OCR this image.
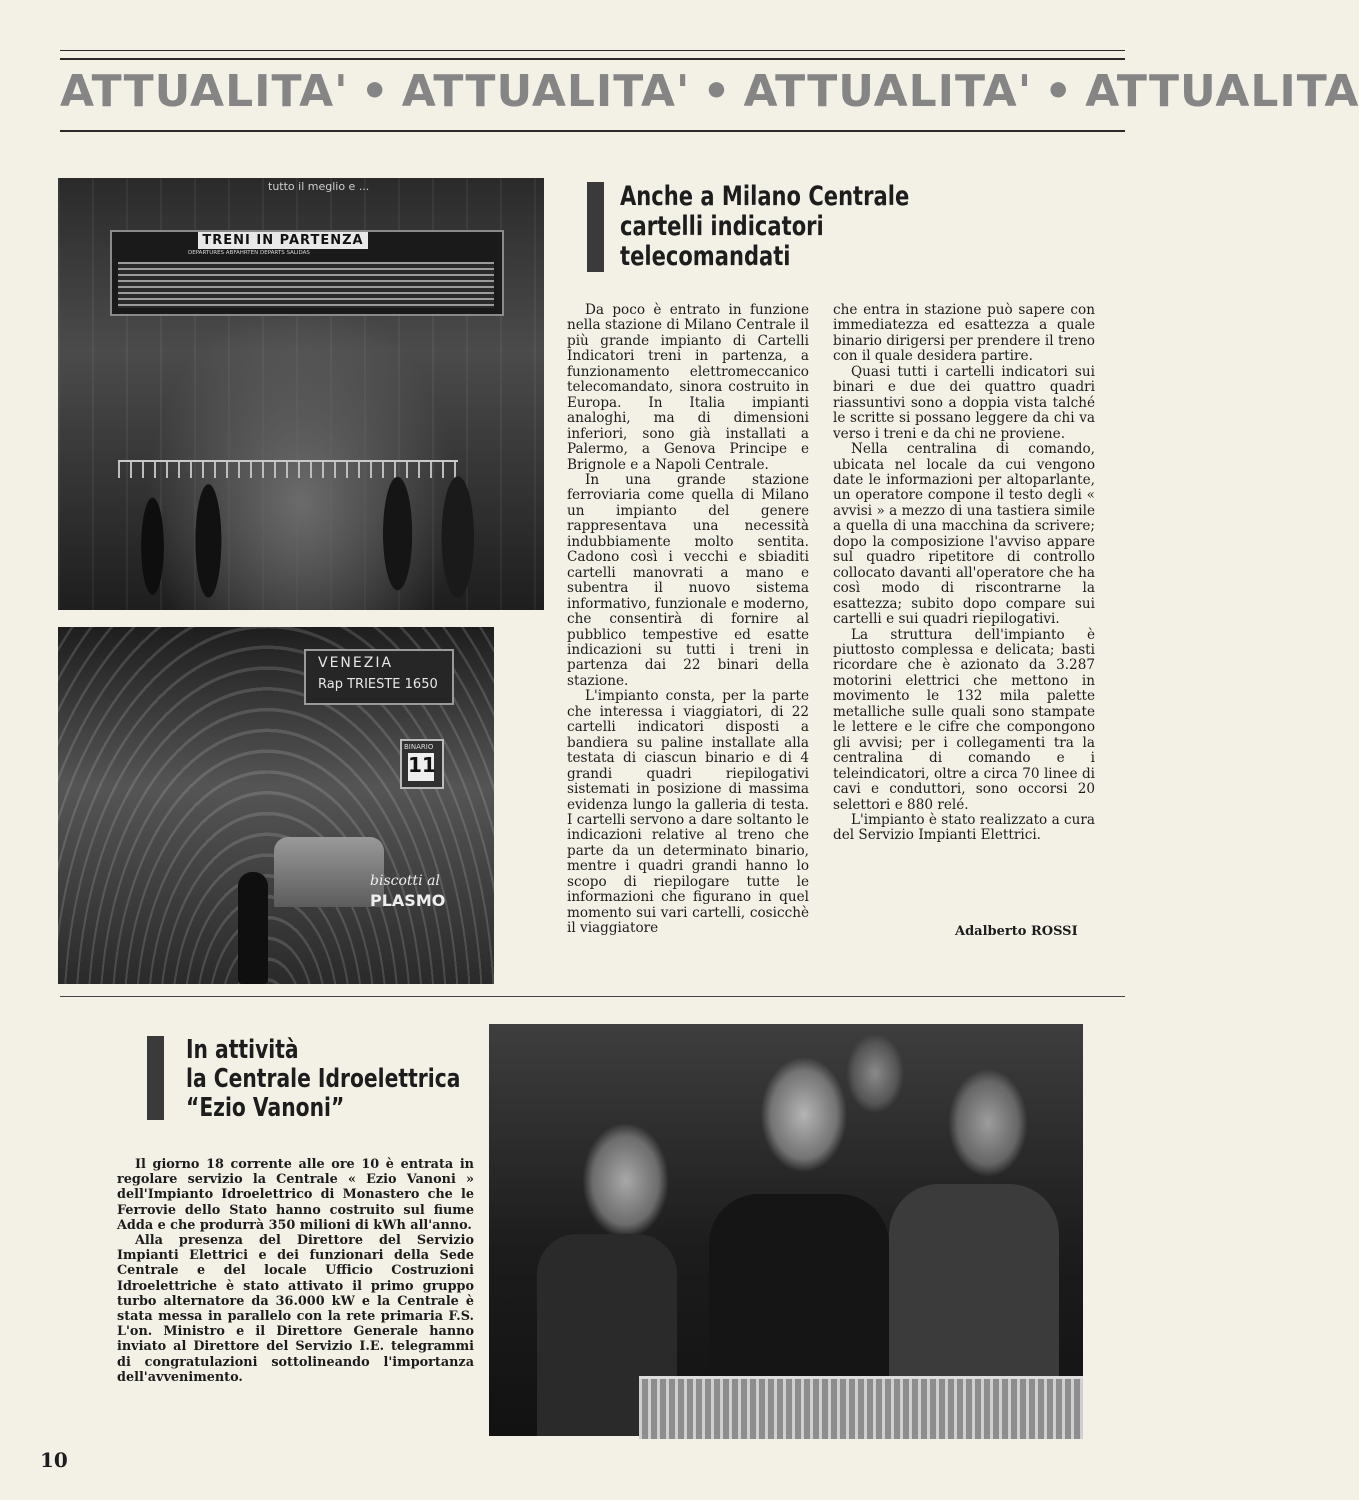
ATTUALITA' • ATTUALITA' • ATTUALITA' • ATTUALITA
tutto il meglio e ...
TRENI IN PARTENZA
DEPARTURES ABFAHRTEN DEPARTS SALIDAS
VENEZIA
Rap TRIESTE 1650
BINARIO
11
biscotti al
PLASMO
Anche a Milano Centrale
cartelli indicatori
telecomandati

Da poco è entrato in funzione nella stazione di Milano Centrale il più grande impianto di Cartelli Indicatori treni in partenza, a funzionamento elettromeccanico telecomandato, sinora costruito in Europa. In Italia impianti analoghi, ma di dimensioni inferiori, sono già installati a Palermo, a Genova Principe e Brignole e a Napoli Centrale.

In una grande stazione ferroviaria come quella di Milano un impianto del genere rappresentava una necessità indubbiamente molto sentita. Cadono così i vecchi e sbiaditi cartelli manovrati a mano e subentra il nuovo sistema informativo, funzionale e moderno, che consentirà di fornire al pubblico tempestive ed esatte indicazioni su tutti i treni in partenza dai 22 binari della stazione.

L'impianto consta, per la parte che interessa i viaggiatori, di 22 cartelli indicatori disposti a bandiera su paline installate alla testata di ciascun binario e di 4 grandi quadri riepilogativi sistemati in posizione di massima evidenza lungo la galleria di testa. I cartelli servono a dare soltanto le indicazioni relative al treno che parte da un determinato binario, mentre i quadri grandi hanno lo scopo di riepilogare tutte le informazioni che figurano in quel momento sui vari cartelli, cosicchè il viaggiatore

che entra in stazione può sapere con immediatezza ed esattezza a quale binario dirigersi per prendere il treno con il quale desidera partire.

Quasi tutti i cartelli indicatori sui binari e due dei quattro quadri riassuntivi sono a doppia vista talché le scritte si possano leggere da chi va verso i treni e da chi ne proviene.

Nella centralina di comando, ubicata nel locale da cui vengono date le informazioni per altoparlante, un operatore compone il testo degli « avvisi » a mezzo di una tastiera simile a quella di una macchina da scrivere; dopo la composizione l'avviso appare sul quadro ripetitore di controllo collocato davanti all'operatore che ha così modo di riscontrarne la esattezza; subito dopo compare sui cartelli e sui quadri riepilogativi.

La struttura dell'impianto è piuttosto complessa e delicata; basti ricordare che è azionato da 3.287 motorini elettrici che mettono in movimento le 132 mila palette metalliche sulle quali sono stampate le lettere e le cifre che compongono gli avvisi; per i collegamenti tra la centralina di comando e i teleindicatori, oltre a circa 70 linee di cavi e conduttori, sono occorsi 20 selettori e 880 relé.

L'impianto è stato realizzato a cura del Servizio Impianti Elettrici.

Adalberto ROSSI
In attività
la Centrale Idroelettrica
“Ezio Vanoni”

Il giorno 18 corrente alle ore 10 è entrata in regolare servizio la Centrale « Ezio Vanoni » dell'Impianto Idroelettrico di Monastero che le Ferrovie dello Stato hanno costruito sul fiume Adda e che produrrà 350 milioni di kWh all'anno.

Alla presenza del Direttore del Servizio Impianti Elettrici e dei funzionari della Sede Centrale e del locale Ufficio Costruzioni Idroelettriche è stato attivato il primo gruppo turbo alternatore da 36.000 kW e la Centrale è stata messa in parallelo con la rete primaria F.S. L'on. Ministro e il Direttore Generale hanno inviato al Direttore del Servizio I.E. telegrammi di congratulazioni sottolineando l'importanza dell'avvenimento.

10
